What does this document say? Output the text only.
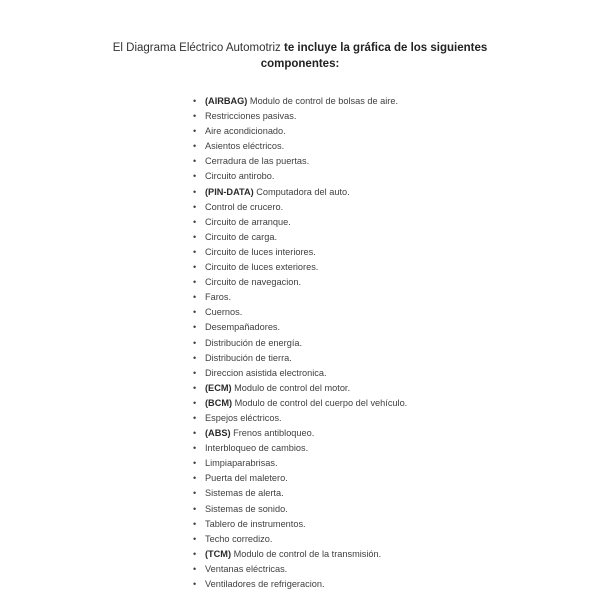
El Diagrama Eléctrico Automotriz te incluye la gráfica de los siguientes
componentes:
• (AIRBAG) Modulo de control de bolsas de aire.
• Restricciones pasivas.
• Aire acondicionado.
• Asientos eléctricos.
• Cerradura de las puertas.
• Circuito antirobo.
• (PIN-DATA) Computadora del auto.
• Control de crucero.
• Circuito de arranque.
• Circuito de carga.
• Circuito de luces interiores.
• Circuito de luces exteriores.
• Circuito de navegacion.
• Faros.
• Cuernos.
• Desempañadores.
• Distribución de energía.
• Distribución de tierra.
• Direccion asistida electronica.
• (ECM) Modulo de control del motor.
• (BCM) Modulo de control del cuerpo del vehículo.
• Espejos eléctricos.
• (ABS) Frenos antibloqueo.
• Interbloqueo de cambios.
• Limpiaparabrisas.
• Puerta del maletero.
• Sistemas de alerta.
• Sistemas de sonido.
• Tablero de instrumentos.
• Techo corredizo.
• (TCM) Modulo de control de la transmisión.
• Ventanas eléctricas.
• Ventiladores de refrigeracion.
